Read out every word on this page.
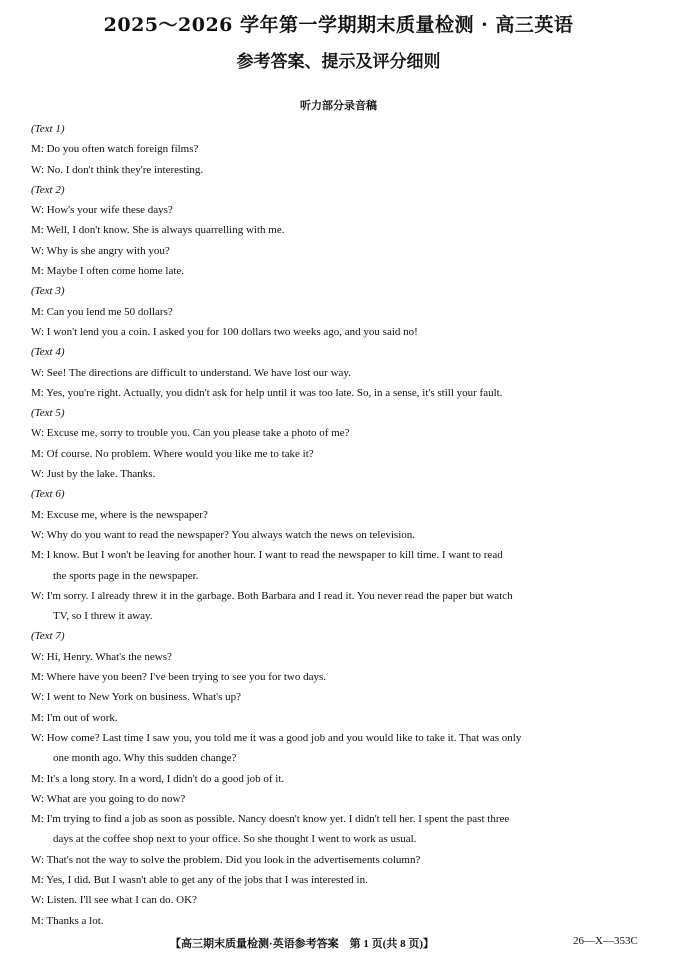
2025～2026 学年第一学期期末质量检测 · 高三英语
参考答案、提示及评分细则
听力部分录音稿
(Text 1)
M: Do you often watch foreign films?
W: No. I don't think they're interesting.
(Text 2)
W: How's your wife these days?
M: Well, I don't know. She is always quarrelling with me.
W: Why is she angry with you?
M: Maybe I often come home late.
(Text 3)
M: Can you lend me 50 dollars?
W: I won't lend you a coin. I asked you for 100 dollars two weeks ago, and you said no!
(Text 4)
W: See! The directions are difficult to understand. We have lost our way.
M: Yes, you're right. Actually, you didn't ask for help until it was too late. So, in a sense, it's still your fault.
(Text 5)
W: Excuse me, sorry to trouble you. Can you please take a photo of me?
M: Of course. No problem. Where would you like me to take it?
W: Just by the lake. Thanks.
(Text 6)
M: Excuse me, where is the newspaper?
W: Why do you want to read the newspaper? You always watch the news on television.
M: I know. But I won't be leaving for another hour. I want to read the newspaper to kill time. I want to read
the sports page in the newspaper.
W: I'm sorry. I already threw it in the garbage. Both Barbara and I read it. You never read the paper but watch
TV, so I threw it away.
(Text 7)
W: Hi, Henry. What's the news?
M: Where have you been? I've been trying to see you for two days.
W: I went to New York on business. What's up?
M: I'm out of work.
W: How come? Last time I saw you, you told me it was a good job and you would like to take it. That was only
one month ago. Why this sudden change?
M: It's a long story. In a word, I didn't do a good job of it.
W: What are you going to do now?
M: I'm trying to find a job as soon as possible. Nancy doesn't know yet. I didn't tell her. I spent the past three
days at the coffee shop next to your office. So she thought I went to work as usual.
W: That's not the way to solve the problem. Did you look in the advertisements column?
M: Yes, I did. But I wasn't able to get any of the jobs that I was interested in.
W: Listen. I'll see what I can do. OK?
M: Thanks a lot.
【高三期末质量检测·英语参考答案　第 1 页(共 8 页)】	26—X—353C
